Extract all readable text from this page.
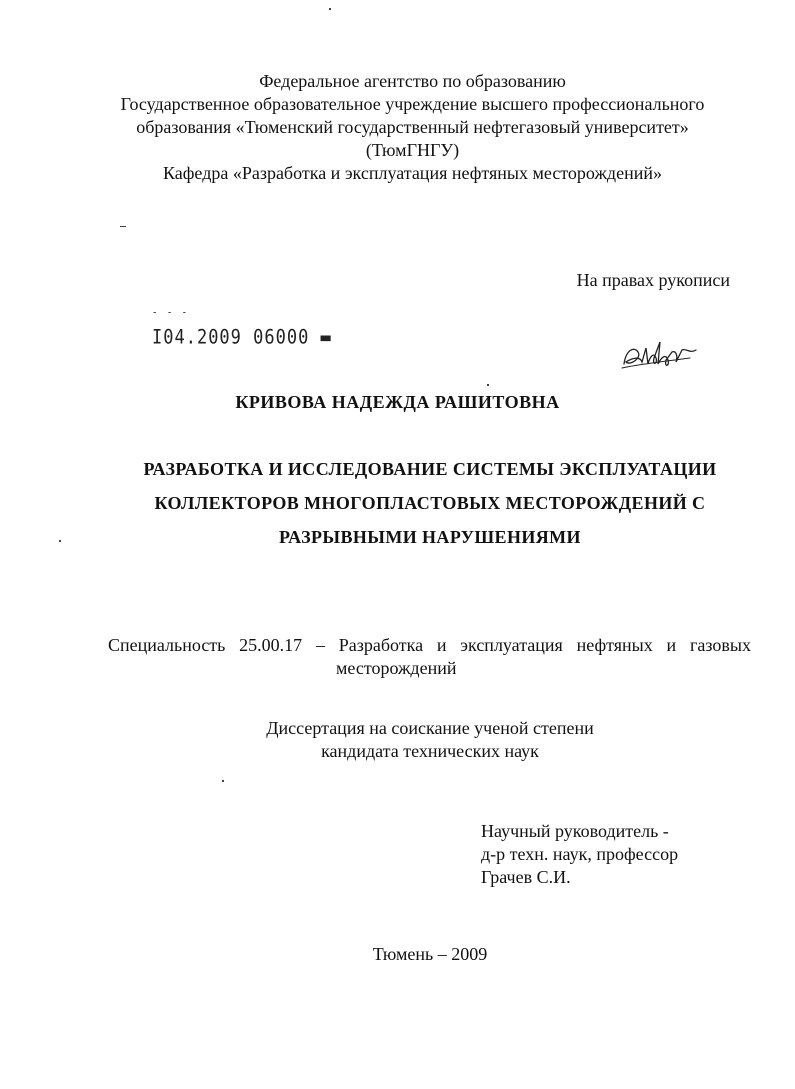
Федеральное агентство по образованию
Государственное образовательное учреждение высшего профессионального
образования «Тюменский государственный нефтегазовый университет»
(ТюмГНГУ)
Кафедра «Разработка и эксплуатация нефтяных месторождений»
На правах рукописи
- - -
I04.2009 06000 ▬
КРИВОВА НАДЕЖДА РАШИТОВНА
РАЗРАБОТКА И ИССЛЕДОВАНИЕ СИСТЕМЫ ЭКСПЛУАТАЦИИ
КОЛЛЕКТОРОВ МНОГОПЛАСТОВЫХ МЕСТОРОЖДЕНИЙ С
РАЗРЫВНЫМИ НАРУШЕНИЯМИ
Специальность 25.00.17 – Разработка и эксплуатация нефтяных и газовых
месторождений
Диссертация на соискание ученой степени
кандидата технических наук
Научный руководитель -
д-р техн. наук, профессор
Грачев С.И.
Тюмень – 2009
